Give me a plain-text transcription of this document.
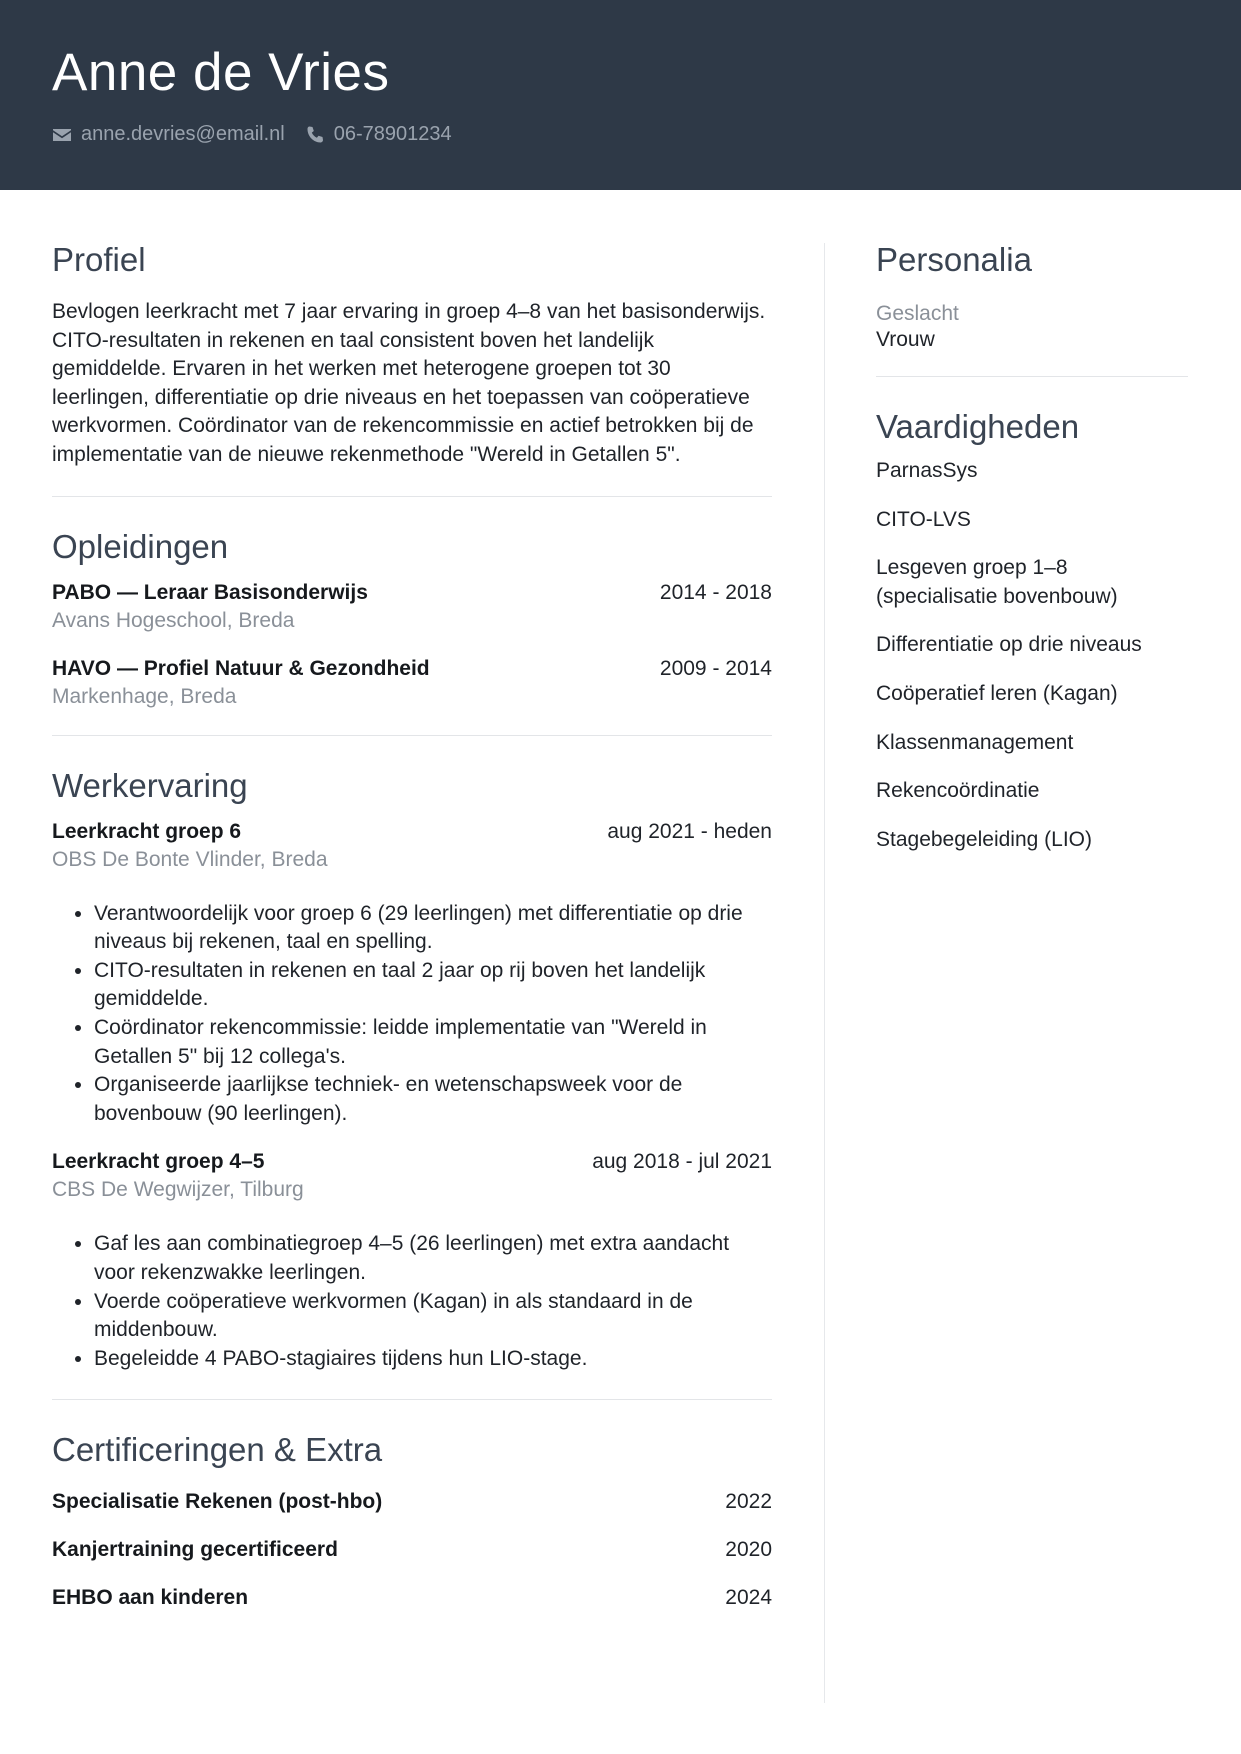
Anne de Vries
anne.devries@email.nl 06-78901234
Profiel
Bevlogen leerkracht met 7 jaar ervaring in groep 4–8 van het basisonderwijs. CITO-resultaten in rekenen en taal consistent boven het landelijk gemiddelde. Ervaren in het werken met heterogene groepen tot 30 leerlingen, differentiatie op drie niveaus en het toepassen van coöperatieve werkvormen. Coördinator van de rekencommissie en actief betrokken bij de implementatie van de nieuwe rekenmethode "Wereld in Getallen 5".
Opleidingen
PABO — Leraar Basisonderwijs	2014 - 2018
Avans Hogeschool, Breda
HAVO — Profiel Natuur & Gezondheid	2009 - 2014
Markenhage, Breda
Werkervaring
Leerkracht groep 6	aug 2021 - heden
OBS De Bonte Vlinder, Breda
• Verantwoordelijk voor groep 6 (29 leerlingen) met differentiatie op drie niveaus bij rekenen, taal en spelling.
• CITO-resultaten in rekenen en taal 2 jaar op rij boven het landelijk gemiddelde.
• Coördinator rekencommissie: leidde implementatie van "Wereld in Getallen 5" bij 12 collega's.
• Organiseerde jaarlijkse techniek- en wetenschapsweek voor de bovenbouw (90 leerlingen).
Leerkracht groep 4–5	aug 2018 - jul 2021
CBS De Wegwijzer, Tilburg
• Gaf les aan combinatiegroep 4–5 (26 leerlingen) met extra aandacht voor rekenzwakke leerlingen.
• Voerde coöperatieve werkvormen (Kagan) in als standaard in de middenbouw.
• Begeleidde 4 PABO-stagiaires tijdens hun LIO-stage.
Certificeringen & Extra
Specialisatie Rekenen (post-hbo)	2022
Kanjertraining gecertificeerd	2020
EHBO aan kinderen	2024
Personalia
Geslacht
Vrouw
Vaardigheden
ParnasSys
CITO-LVS
Lesgeven groep 1–8 (specialisatie bovenbouw)
Differentiatie op drie niveaus
Coöperatief leren (Kagan)
Klassenmanagement
Rekencoördinatie
Stagebegeleiding (LIO)
